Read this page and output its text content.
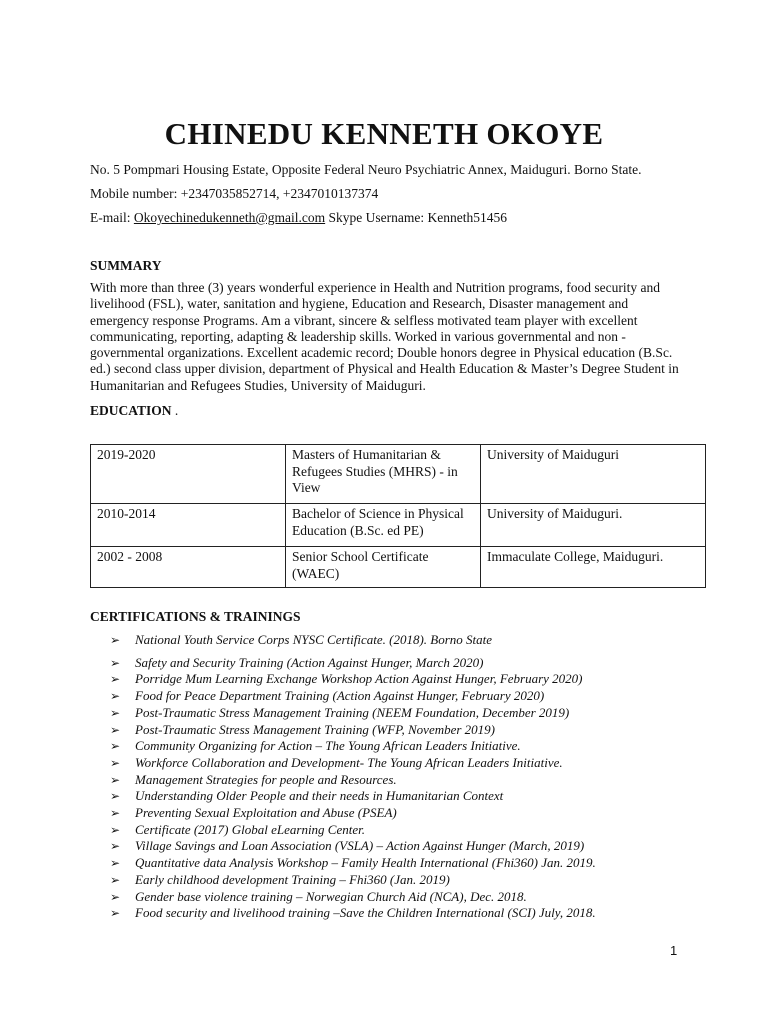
CHINEDU KENNETH OKOYE

No. 5 Pompmari Housing Estate, Opposite Federal Neuro Psychiatric Annex, Maiduguri. Borno State.

Mobile number: +2347035852714, +2347010137374

E-mail: Okoyechinedukenneth@gmail.com Skype Username: Kenneth51456

SUMMARY

With more than three (3) years wonderful experience in Health and Nutrition programs, food security and livelihood (FSL), water, sanitation and hygiene, Education and Research, Disaster management and emergency response Programs. Am a vibrant, sincere & selfless motivated team player with excellent communicating, reporting, adapting & leadership skills. Worked in various governmental and non - governmental organizations. Excellent academic record; Double honors degree in Physical education (B.Sc. ed.) second class upper division, department of Physical and Health Education & Master’s Degree Student in Humanitarian and Refugees Studies, University of Maiduguri.

EDUCATION .
2019-2020	Masters of Humanitarian & Refugees Studies (MHRS) - in View	University of Maiduguri
2010-2014	Bachelor of Science in Physical Education (B.Sc. ed PE)	University of Maiduguri.
2002 - 2008	Senior School Certificate (WAEC)	Immaculate College, Maiduguri.
CERTIFICATIONS & TRAININGS
➢ National Youth Service Corps NYSC Certificate. (2018). Borno State
➢ Safety and Security Training (Action Against Hunger, March 2020)
➢ Porridge Mum Learning Exchange Workshop Action Against Hunger, February 2020)
➢ Food for Peace Department Training (Action Against Hunger, February 2020)
➢ Post-Traumatic Stress Management Training (NEEM Foundation, December 2019)
➢ Post-Traumatic Stress Management Training (WFP, November 2019)
➢ Community Organizing for Action – The Young African Leaders Initiative.
➢ Workforce Collaboration and Development- The Young African Leaders Initiative.
➢ Management Strategies for people and Resources.
➢ Understanding Older People and their needs in Humanitarian Context
➢ Preventing Sexual Exploitation and Abuse (PSEA)
➢ Certificate (2017) Global eLearning Center.
➢ Village Savings and Loan Association (VSLA) – Action Against Hunger (March, 2019)
➢ Quantitative data Analysis Workshop – Family Health International (Fhi360) Jan. 2019.
➢ Early childhood development Training – Fhi360 (Jan. 2019)
➢ Gender base violence training – Norwegian Church Aid (NCA), Dec. 2018.
➢ Food security and livelihood training –Save the Children International (SCI) July, 2018.
1
